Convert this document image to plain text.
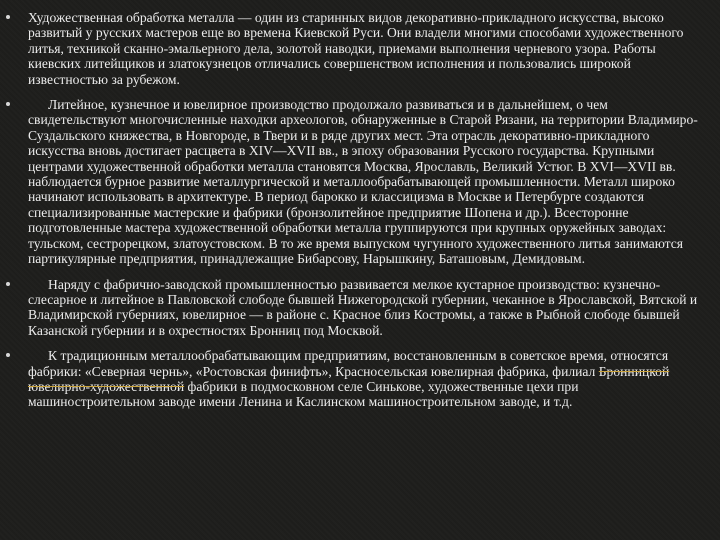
Художественная обработка металла — один из старинных видов декоративно-прикладного искусства, высоко развитый у русских мастеров еще во времена Киевской Руси. Они владели многими способами художественного литья, техникой сканно-эмальерного дела, золотой наводки, приемами выполнения черневого узора. Работы киевских литейщиков и златокузнецов отличались совершенством исполнения и пользовались широкой известностью за рубежом.
Литейное, кузнечное и ювелирное производство продолжало развиваться и в дальнейшем, о чем свидетельствуют многочисленные находки археологов, обнаруженные в Старой Рязани, на территории Владимиро-Суздальского княжества, в Новгороде, в Твери и в ряде других мест. Эта отрасль декоративно-прикладного искусства вновь достигает расцвета в XIV—XVII вв., в эпоху образования Русского государства. Крупными центрами художественной обработки металла становятся Москва, Ярославль, Великий Устюг. В XVI—XVII вв. наблюдается бурное развитие металлургической и металлообрабатывающей промышленности. Металл широко начинают использовать в архитектуре. В период барокко и классицизма в Москве и Петербурге создаются специализированные мастерские и фабрики (бронзолитейное предприятие Шопена и др.). Всесторонне подготовленные мастера художественной обработки металла группируются при крупных оружейных заводах: тульском, сестрорецком, златоустовском. В то же время выпуском чугунного художественного литья занимаются партикулярные предприятия, принадлежащие Бибарсову, Нарышкину, Баташовым, Демидовым.
Наряду с фабрично-заводской промышленностью развивается мелкое кустарное производство: кузнечно-слесарное и литейное в Павловской слободе бывшей Нижегородской губернии, чеканное в Ярославской, Вятской и Владимирской губерниях, ювелирное — в районе с. Красное близ Костромы, а также в Рыбной слободе бывшей Казанской губернии и в охрестностях Бронниц под Москвой.
К традиционным металлообрабатывающим предприятиям, восстановленным в советское время, относятся фабрики: «Северная чернь», «Ростовская финифть», Красносельская ювелирная фабрика, филиал Бронницкой ювелирно-художественной фабрики в подмосковном селе Синькове, художественные цехи при машиностроительном заводе имени Ленина и Каслинском машиностроительном заводе, и т.д.
